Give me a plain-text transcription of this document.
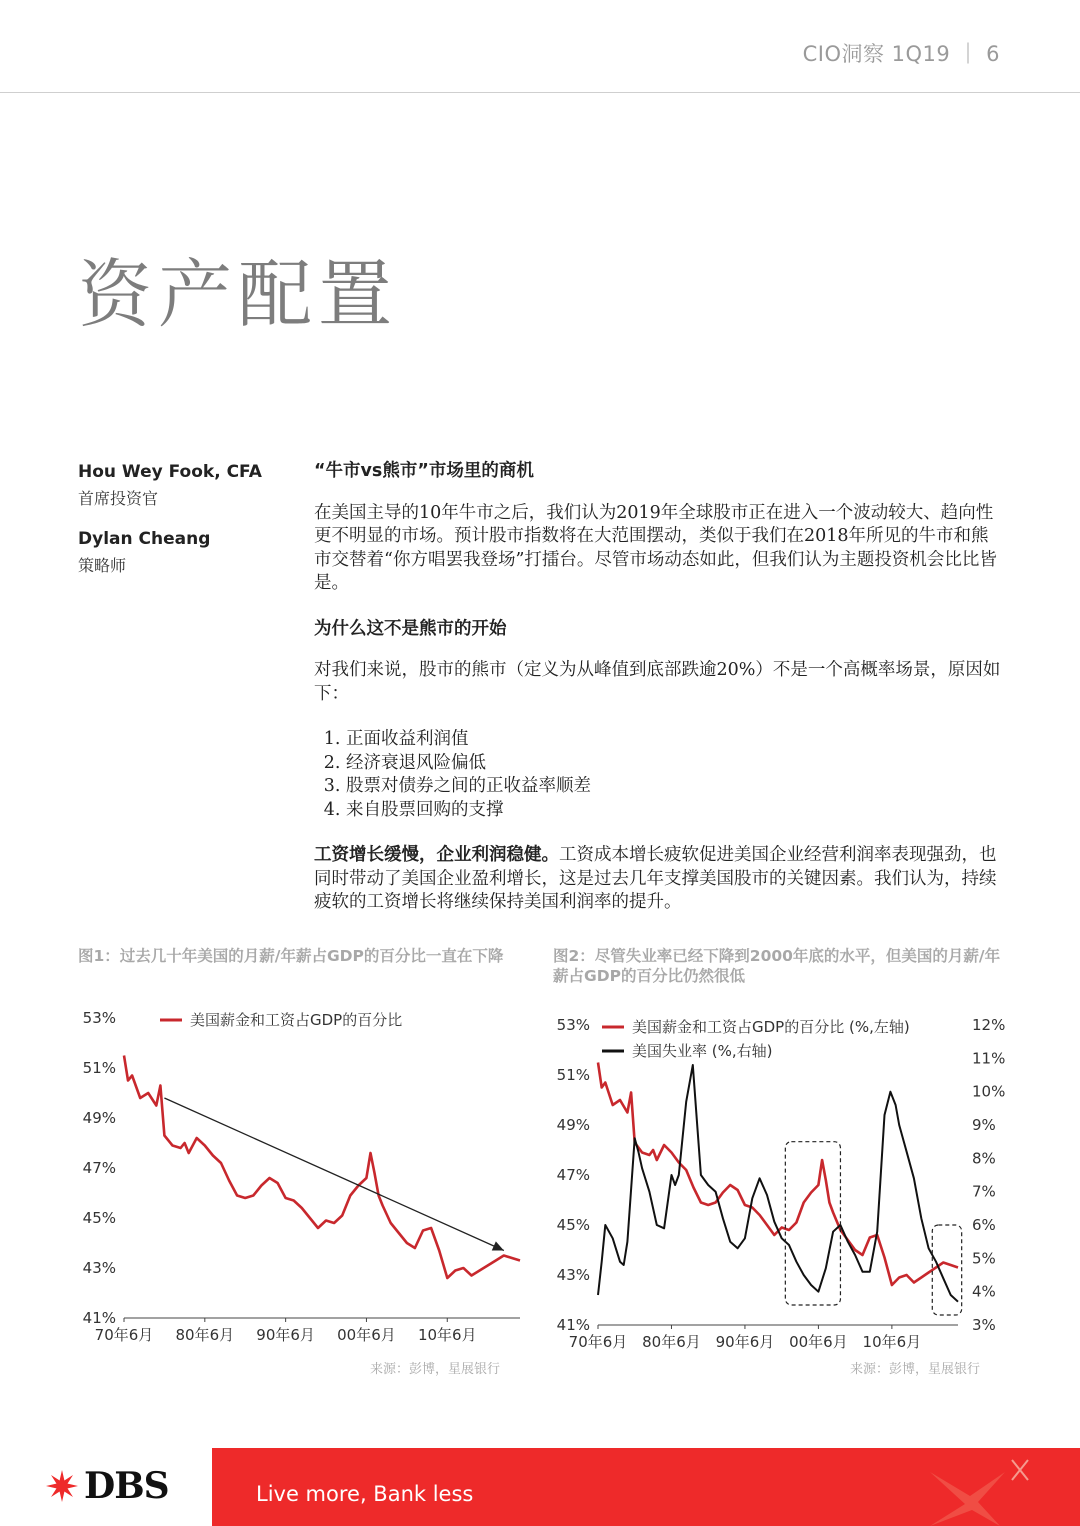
CIO洞察 1Q19 ｜ 6
资产配置
Hou Wey Fook, CFA
首席投资官
Dylan Cheang
策略师
“牛市vs熊市”市场里的商机

在美国主导的10年牛市之后，我们认为2019年全球股市正在进入一个波动较大、趋向性更不明显的市场。预计股市指数将在大范围摆动，类似于我们在2018年所见的牛市和熊市交替着“你方唱罢我登场”打擂台。尽管市场动态如此，但我们认为主题投资机会比比皆是。

为什么这不是熊市的开始

对我们来说，股市的熊市（定义为从峰值到底部跌逾20%）不是一个高概率场景，原因如下：

1. 正面收益利润值
2. 经济衰退风险偏低
3. 股票对债券之间的正收益率顺差
4. 来自股票回购的支撑

工资增长缓慢，企业利润稳健。工资成本增长疲软促进美国企业经营利润率表现强劲，也同时带动了美国企业盈利增长，这是过去几年支撑美国股市的关键因素。我们认为，持续疲软的工资增长将继续保持美国利润率的提升。

图1：过去几十年美国的月薪/年薪占GDP的百分比一直在下降	图2：尽管失业率已经下降到2000年底的水平，但美国的月薪/年薪占GDP的百分比仍然很低
53%
51%
49%
47%
45%
43%
41%
70年6月 80年6月 90年6月 00年6月 10年6月
美国薪金和工资占GDP的百分比	53%
51%
49%
47%
45%
43%
41%
12%
11%
10%
9%
8%
7%
6%
5%
4%
3%
70年6月 80年6月 90年6月 00年6月 10年6月
美国薪金和工资占GDP的百分比 (%,左轴)
美国失业率 (%,右轴)
来源：彭博，星展银行	来源：彭博，星展银行
DBS	Live more, Bank less
